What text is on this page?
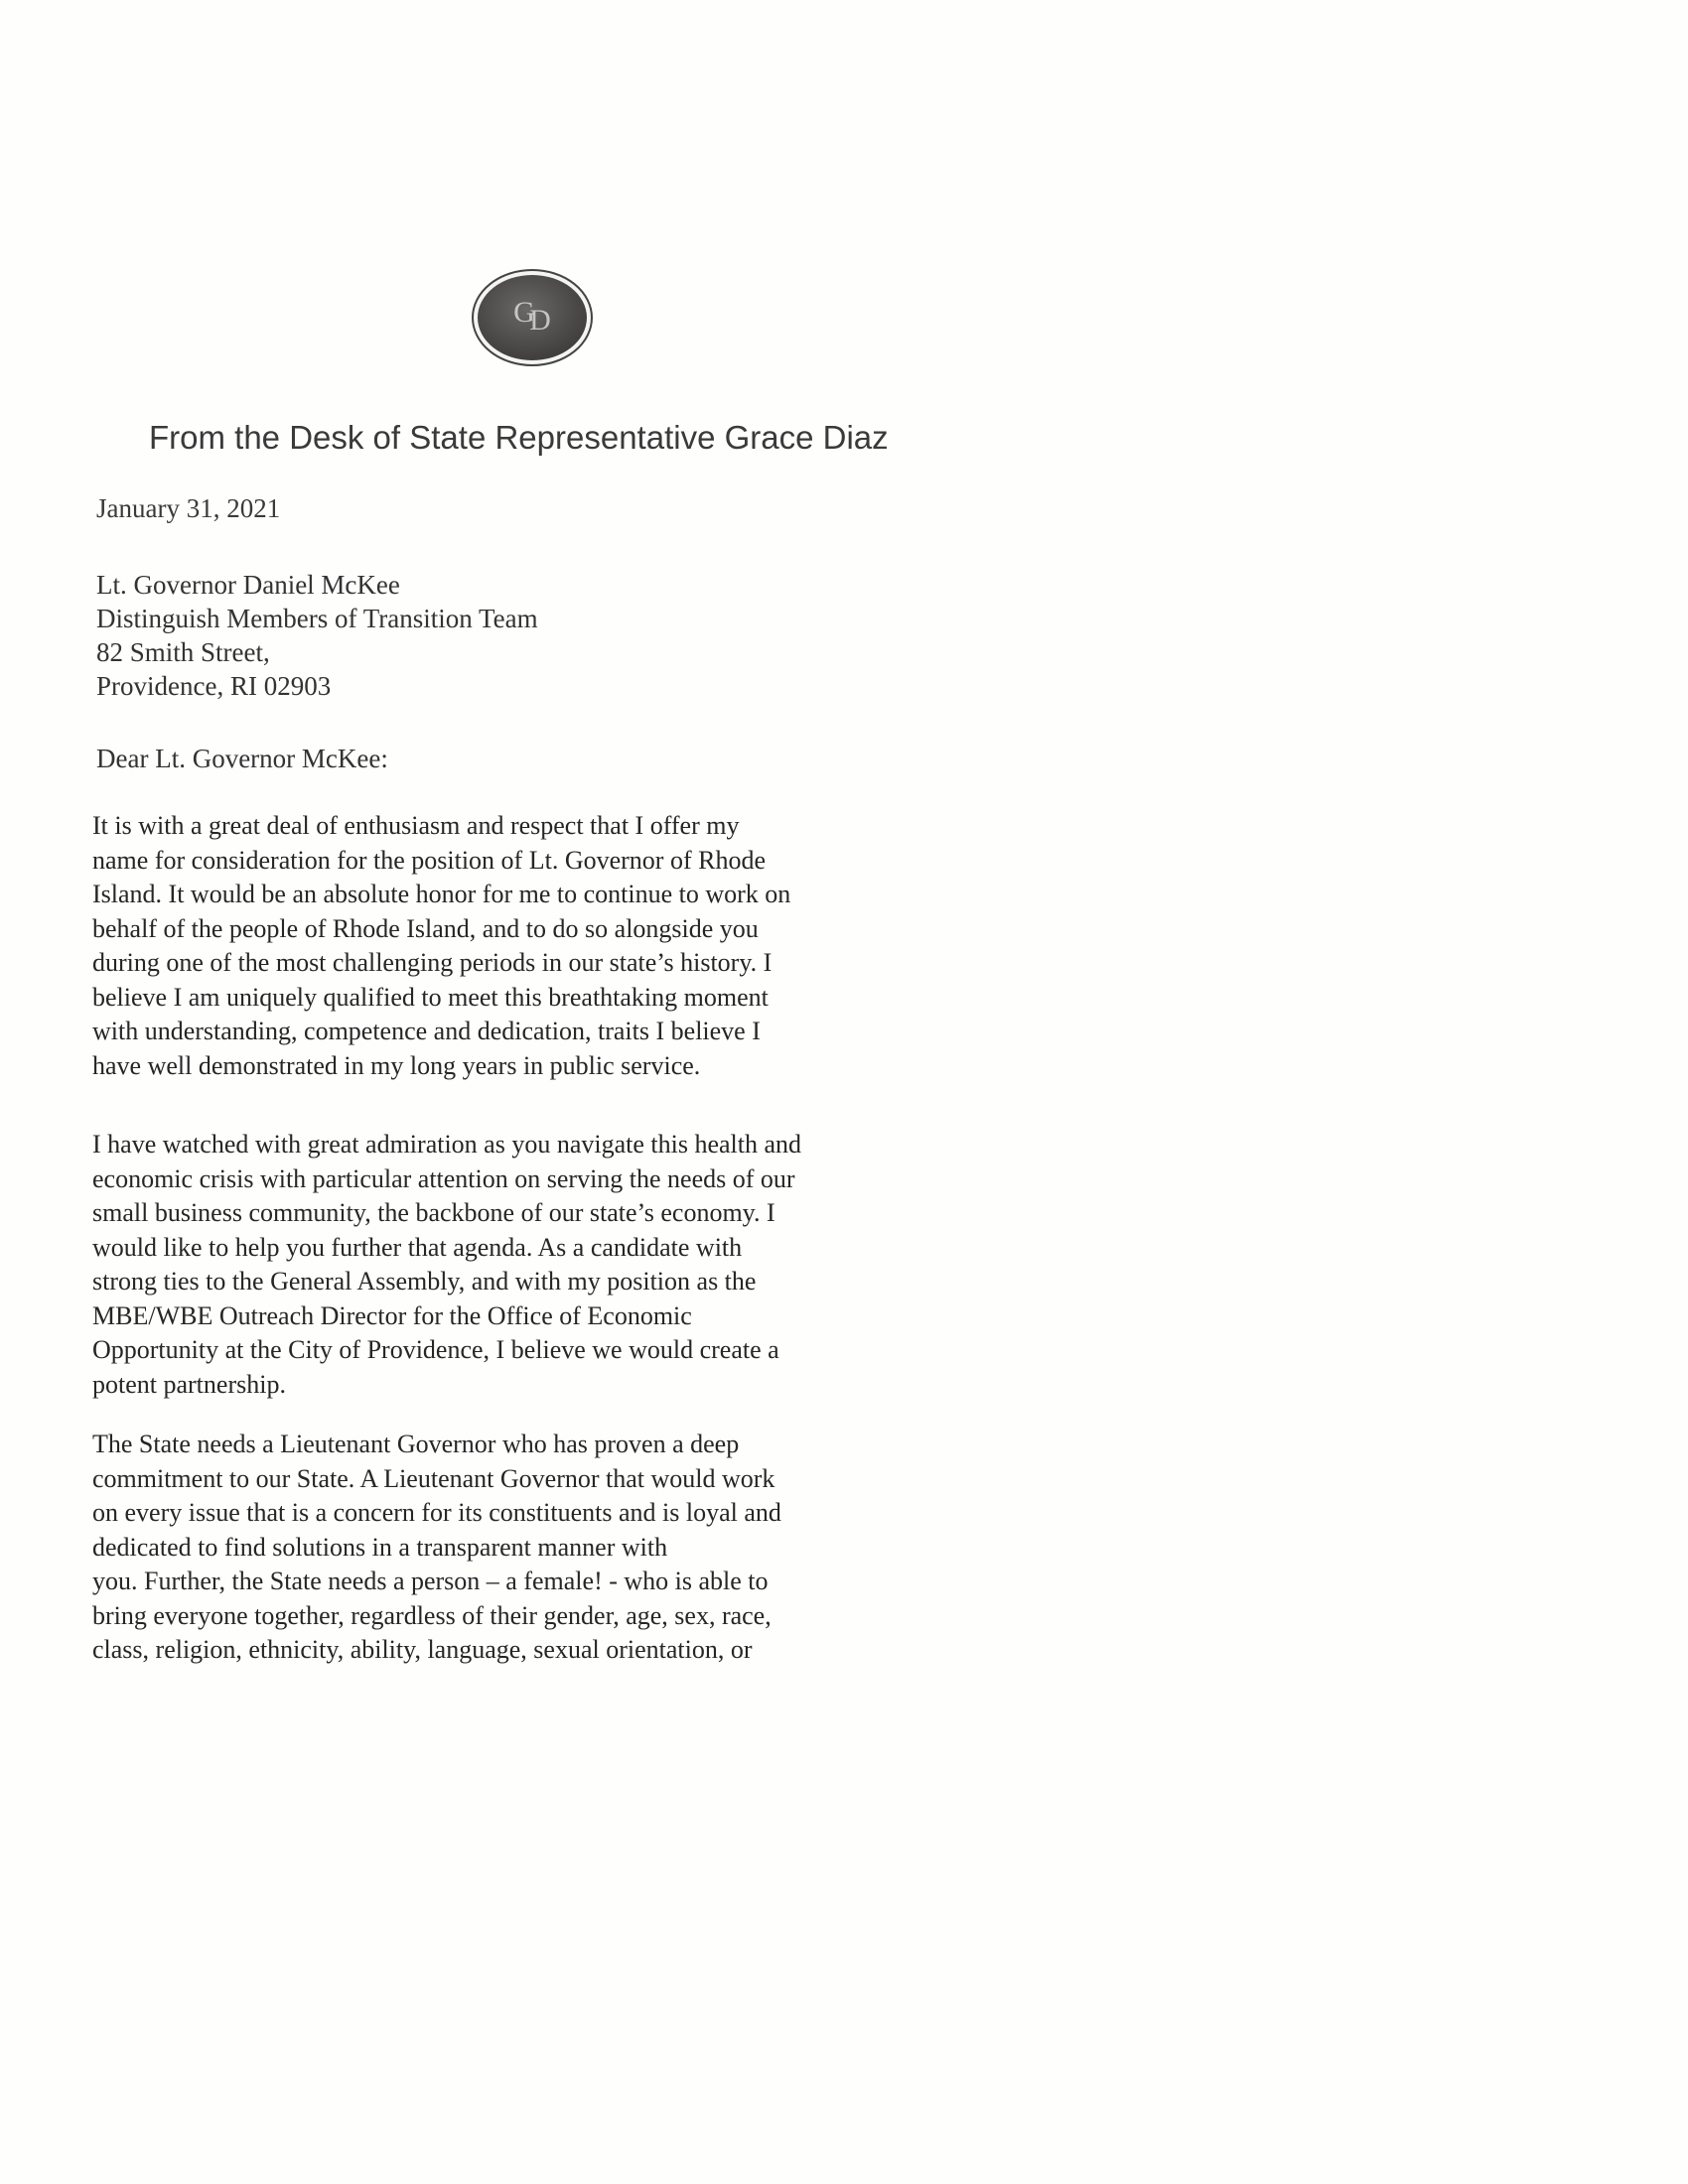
G
D
From the Desk of State Representative Grace Diaz
January 31, 2021
Lt. Governor Daniel McKee
Distinguish Members of Transition Team
82 Smith Street,
Providence, RI 02903
Dear Lt. Governor McKee:
It is with a great deal of enthusiasm and respect that I offer my
name for consideration for the position of Lt. Governor of Rhode
Island. It would be an absolute honor for me to continue to work on
behalf of the people of Rhode Island, and to do so alongside you
during one of the most challenging periods in our state’s history. I
believe I am uniquely qualified to meet this breathtaking moment
with understanding, competence and dedication, traits I believe I
have well demonstrated in my long years in public service.
I have watched with great admiration as you navigate this health and
economic crisis with particular attention on serving the needs of our
small business community, the backbone of our state’s economy. I
would like to help you further that agenda. As a candidate with
strong ties to the General Assembly, and with my position as the
MBE/WBE Outreach Director for the Office of Economic
Opportunity at the City of Providence, I believe we would create a
potent partnership.
The State needs a Lieutenant Governor who has proven a deep
commitment to our State. A Lieutenant Governor that would work
on every issue that is a concern for its constituents and is loyal and
dedicated to find solutions in a transparent manner with
you. Further, the State needs a person – a female! - who is able to
bring everyone together, regardless of their gender, age, sex, race,
class, religion, ethnicity, ability, language, sexual orientation, or
